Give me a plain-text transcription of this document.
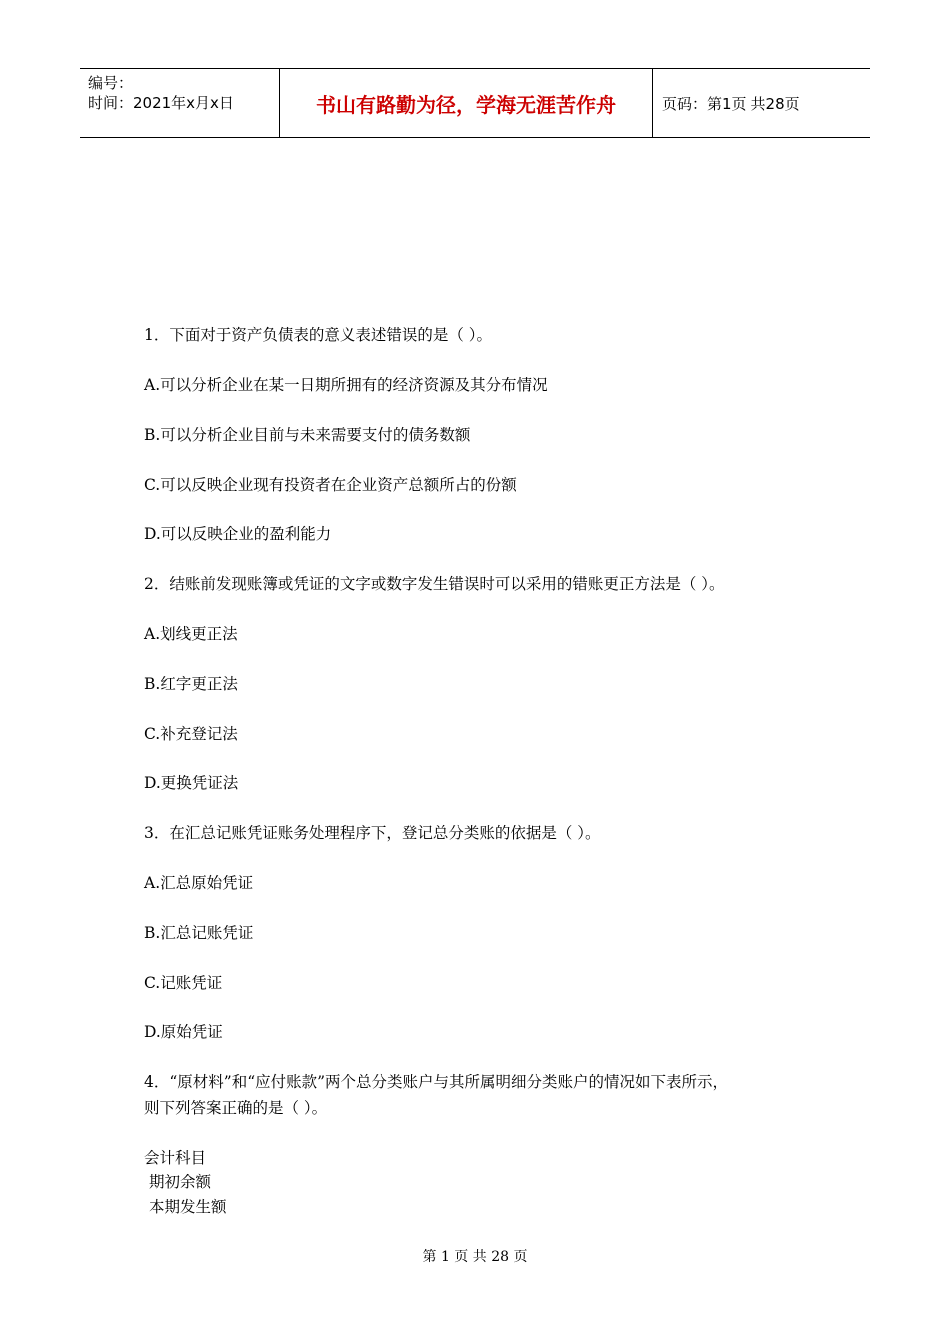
编号：
时间：2021年x月x日	书山有路勤为径，学海无涯苦作舟	页码：第1页 共28页
1．下面对于资产负债表的意义表述错误的是（ ）。
A.可以分析企业在某一日期所拥有的经济资源及其分布情况
B.可以分析企业目前与未来需要支付的债务数额
C.可以反映企业现有投资者在企业资产总额所占的份额
D.可以反映企业的盈利能力
2．结账前发现账簿或凭证的文字或数字发生错误时可以采用的错账更正方法是（ ）。
A.划线更正法
B.红字更正法
C.补充登记法
D.更换凭证法
3．在汇总记账凭证账务处理程序下，登记总分类账的依据是（ ）。
A.汇总原始凭证
B.汇总记账凭证
C.记账凭证
D.原始凭证
4．“原材料”和“应付账款”两个总分类账户与其所属明细分类账户的情况如下表所示，
则下列答案正确的是（ ）。
会计科目
期初余额
本期发生额
第 1 页 共 28 页
